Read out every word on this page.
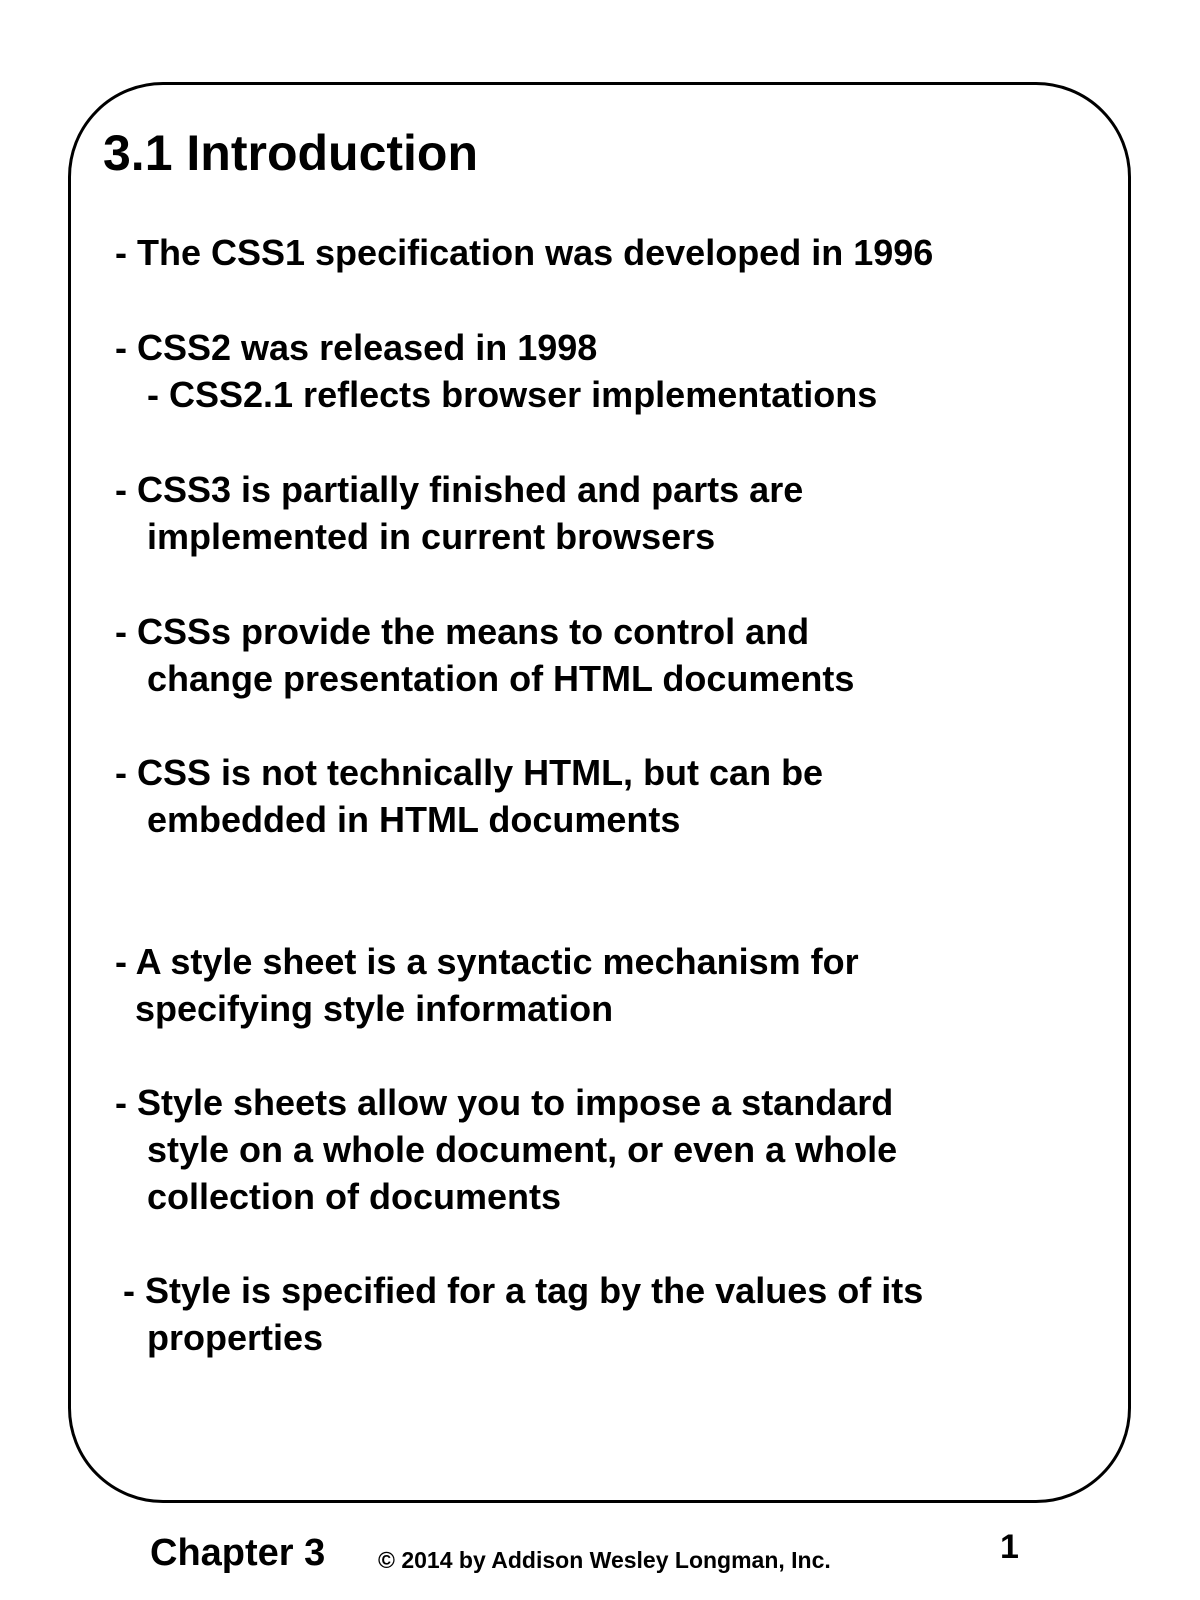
3.1 Introduction
- The CSS1 specification was developed in 1996
- CSS2 was released in 1998
- CSS2.1 reflects browser implementations
- CSS3 is partially finished and parts are
implemented in current browsers
- CSSs provide the means to control and
change presentation of HTML documents
- CSS is not technically HTML, but can be
embedded in HTML documents
- A style sheet is a syntactic mechanism for
specifying style information
- Style sheets allow you to impose a standard
style on a whole document, or even a whole
collection of documents
- Style is specified for a tag by the values of its
properties
Chapter 3 © 2014 by Addison Wesley Longman, Inc.	1
